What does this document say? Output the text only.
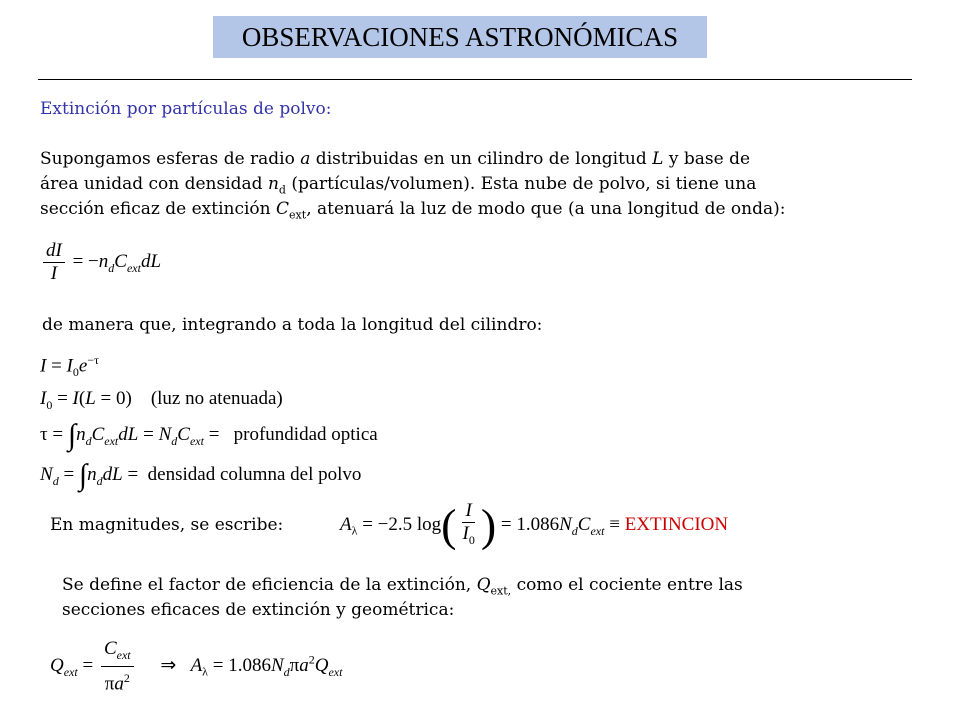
OBSERVACIONES ASTRONÓMICAS
Extinción por partículas de polvo:
Supongamos esferas de radio a distribuidas en un cilindro de longitud L y base de
área unidad con densidad $n_d$ (partículas/volumen). Esta nube de polvo, si tiene una
sección eficaz de extinción $C_{ext}$, atenuará la luz de modo que (a una longitud de onda):
$\frac{dI}{I} = -n_dC_{ext}dL$
de manera que, integrando a toda la longitud del cilindro:
$I = I_0e^{-\tau}$
$I_0 = I(L = 0)$    (luz no atenuada)
$\tau = \int n_dC_{ext}dL = N_dC_{ext}$ =   profundidad optica
$N_d = \int n_ddL$ =  densidad columna del polvo
En magnitudes, se escribe:	$A_\lambda = -2.5$ $\log( \frac{I}{I_0}$ ) = $1.086N_dC_{ext}$ ≡ EXTINCION
Se define el factor de eficiencia de la extinción, $Q_{ext,}$ como el cociente entre las
secciones eficaces de extinción y geométrica:
$Q_{ext} = \frac{C_{ext}}{\pi a^2}$ ⇒   $A_\lambda = 1.086N_d\pi a^2Q_{ext}$
